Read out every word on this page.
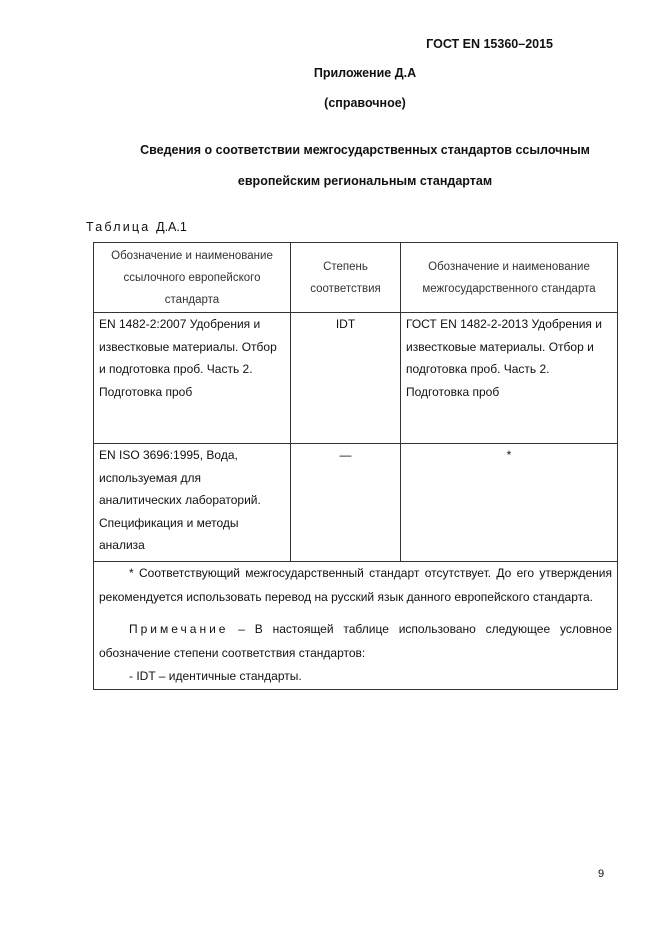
ГОСТ EN 15360–2015
Приложение Д.А
(справочное)
Сведения о соответствии межгосударственных стандартов ссылочным
европейским региональным стандартам
Таблица Д.А.1
Обозначение и наименование ссылочного европейского стандарта	Степень соответствия	Обозначение и наименование межгосударственного стандарта
EN 1482-2:2007 Удобрения и известковые материалы. Отбор и подготовка проб. Часть 2. Подготовка проб	IDT	ГОСТ EN 1482-2-2013 Удобрения и известковые материалы. Отбор и подготовка проб. Часть 2. Подготовка проб
EN ISO 3696:1995, Вода, используемая для аналитических лабораторий. Спецификация и методы анализа	—	*

* Соответствующий межгосударственный стандарт отсутствует. До его утверждения рекомендуется использовать перевод на русский язык данного европейского стандарта.
Примечание – В настоящей таблице использовано следующее условное обозначение степени соответствия стандартов:
- IDT – идентичные стандарты.		
9
